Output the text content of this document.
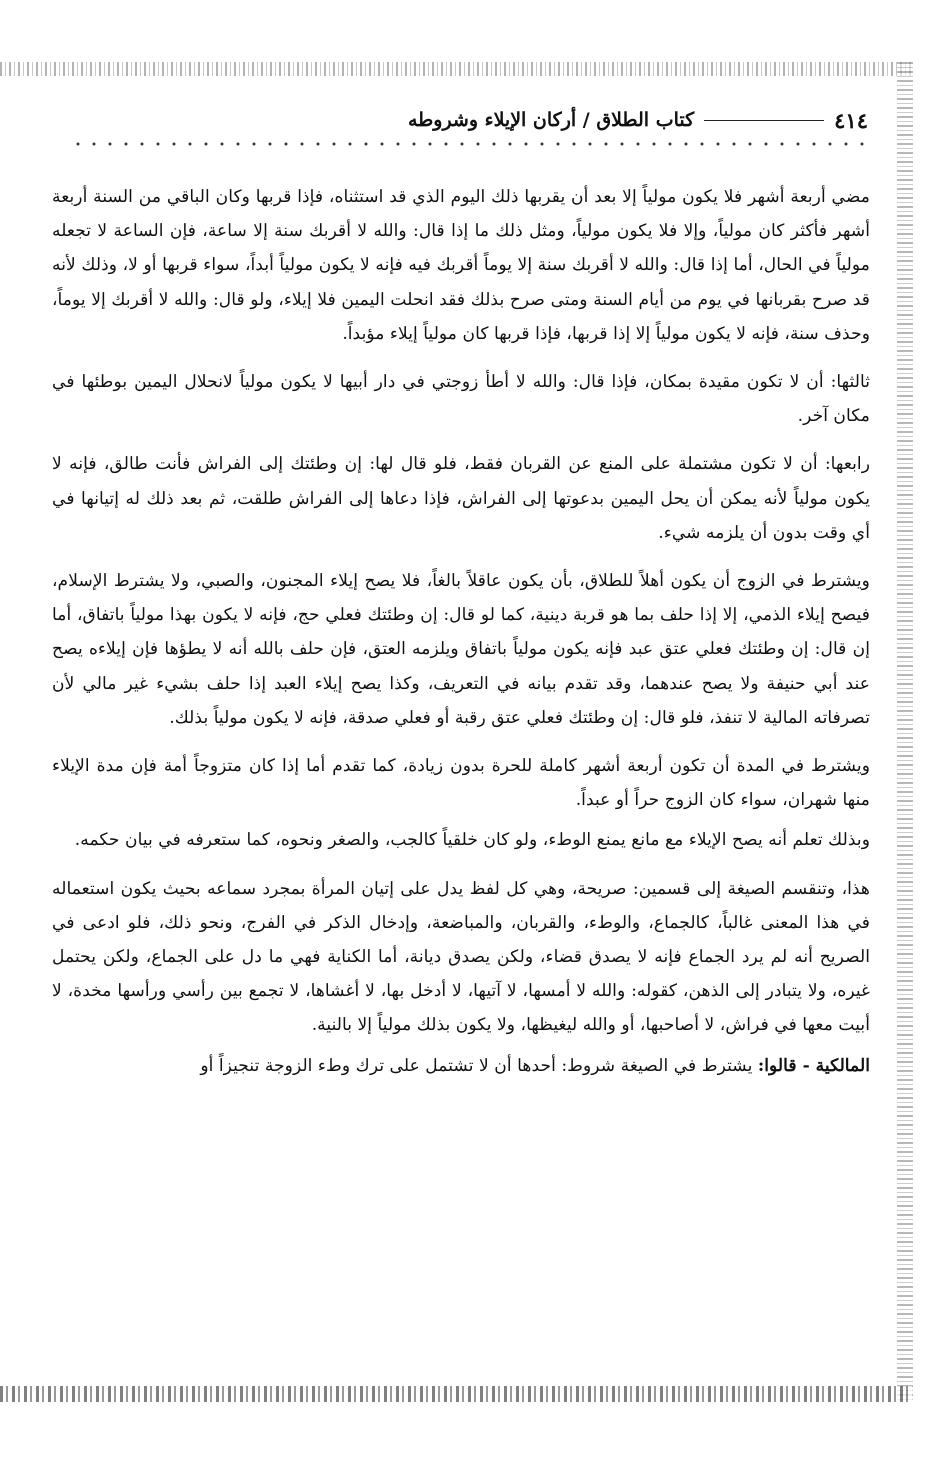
٤١٤
كتاب الطلاق / أركان الإيلاء وشروطه

مضي أربعة أشهر فلا يكون مولياً إلا بعد أن يقربها ذلك اليوم الذي قد استثناه، فإذا قربها وكان الباقي من السنة أربعة أشهر فأكثر كان مولياً، وإلا فلا يكون مولياً، ومثل ذلك ما إذا قال: والله لا أقربك سنة إلا ساعة، فإن الساعة لا تجعله مولياً في الحال، أما إذا قال: والله لا أقربك سنة إلا يوماً أقربك فيه فإنه لا يكون مولياً أبداً، سواء قربها أو لا، وذلك لأنه قد صرح بقربانها في يوم من أيام السنة ومتى صرح بذلك فقد انحلت اليمين فلا إيلاء، ولو قال: والله لا أقربك إلا يوماً، وحذف سنة، فإنه لا يكون مولياً إلا إذا قربها، فإذا قربها كان مولياً إيلاء مؤبداً.

ثالثها: أن لا تكون مقيدة بمكان، فإذا قال: والله لا أطأ زوجتي في دار أبيها لا يكون مولياً لانحلال اليمين بوطئها في مكان آخر.

رابعها: أن لا تكون مشتملة على المنع عن القربان فقط، فلو قال لها: إن وطئتك إلى الفراش فأنت طالق، فإنه لا يكون مولياً لأنه يمكن أن يحل اليمين بدعوتها إلى الفراش، فإذا دعاها إلى الفراش طلقت، ثم بعد ذلك له إتيانها في أي وقت بدون أن يلزمه شيء.

ويشترط في الزوج أن يكون أهلاً للطلاق، بأن يكون عاقلاً بالغاً، فلا يصح إيلاء المجنون، والصبي، ولا يشترط الإسلام، فيصح إيلاء الذمي، إلا إذا حلف بما هو قربة دينية، كما لو قال: إن وطئتك فعلي حج، فإنه لا يكون بهذا مولياً باتفاق، أما إن قال: إن وطئتك فعلي عتق عبد فإنه يكون مولياً باتفاق ويلزمه العتق، فإن حلف بالله أنه لا يطؤها فإن إيلاءه يصح عند أبي حنيفة ولا يصح عندهما، وقد تقدم بيانه في التعريف، وكذا يصح إيلاء العبد إذا حلف بشيء غير مالي لأن تصرفاته المالية لا تنفذ، فلو قال: إن وطئتك فعلي عتق رقبة أو فعلي صدقة، فإنه لا يكون مولياً بذلك.

ويشترط في المدة أن تكون أربعة أشهر كاملة للحرة بدون زيادة، كما تقدم أما إذا كان متزوجاً أمة فإن مدة الإيلاء منها شهران، سواء كان الزوج حراً أو عبداً.

وبذلك تعلم أنه يصح الإيلاء مع مانع يمنع الوطء، ولو كان خلقياً كالجب، والصغر ونحوه، كما ستعرفه في بيان حكمه.

هذا، وتنقسم الصيغة إلى قسمين: صريحة، وهي كل لفظ يدل على إتيان المرأة بمجرد سماعه بحيث يكون استعماله في هذا المعنى غالباً، كالجماع، والوطء، والقربان، والمباضعة، وإدخال الذكر في الفرج، ونحو ذلك، فلو ادعى في الصريح أنه لم يرد الجماع فإنه لا يصدق قضاء، ولكن يصدق ديانة، أما الكناية فهي ما دل على الجماع، ولكن يحتمل غيره، ولا يتبادر إلى الذهن، كقوله: والله لا أمسها، لا آتيها، لا أدخل بها، لا أغشاها، لا تجمع بين رأسي ورأسها مخدة، لا أبيت معها في فراش، لا أصاحبها، أو والله ليغيظها، ولا يكون بذلك مولياً إلا بالنية.

المالكية - قالوا: يشترط في الصيغة شروط: أحدها أن لا تشتمل على ترك وطء الزوجة تنجيزاً أو
